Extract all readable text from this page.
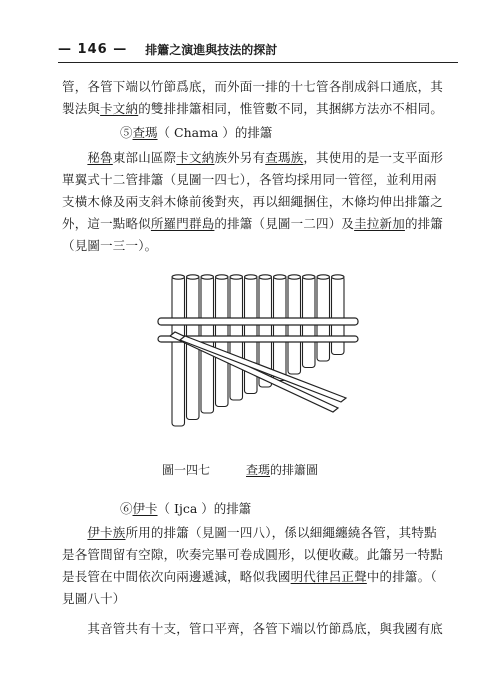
— 146 — 排簫之演進與技法的探討
管，各管下端以竹節爲底，而外面一排的十七管各削成斜口通底，其
製法與卡文納的雙排排簫相同，惟管數不同，其捆綁方法亦不相同。
⑤查瑪（ Chama ）的排簫
　　秘魯東部山區際卡文納族外另有查瑪族，其使用的是一支平面形
單翼式十二管排簫（見圖一四七），各管均採用同一管徑，並利用兩
支橫木條及兩支斜木條前後對夾，再以細繩捆住，木條均伸出排簫之
外，這一點略似所羅門群島的排簫（見圖一二四）及圭拉新加的排簫
（見圖一三一）。
圖一四七	查瑪的排簫圖
⑥伊卡（ Ijca ）的排簫
　　伊卡族所用的排簫（見圖一四八），係以細繩纏繞各管，其特點
是各管間留有空隙，吹奏完畢可卷成圓形，以便收藏。此簫另一特點
是長管在中間依次向兩邊遞減，略似我國明代律呂正聲中的排簫。（
見圖八十）
　　其音管共有十支，管口平齊，各管下端以竹節爲底，與我國有底
